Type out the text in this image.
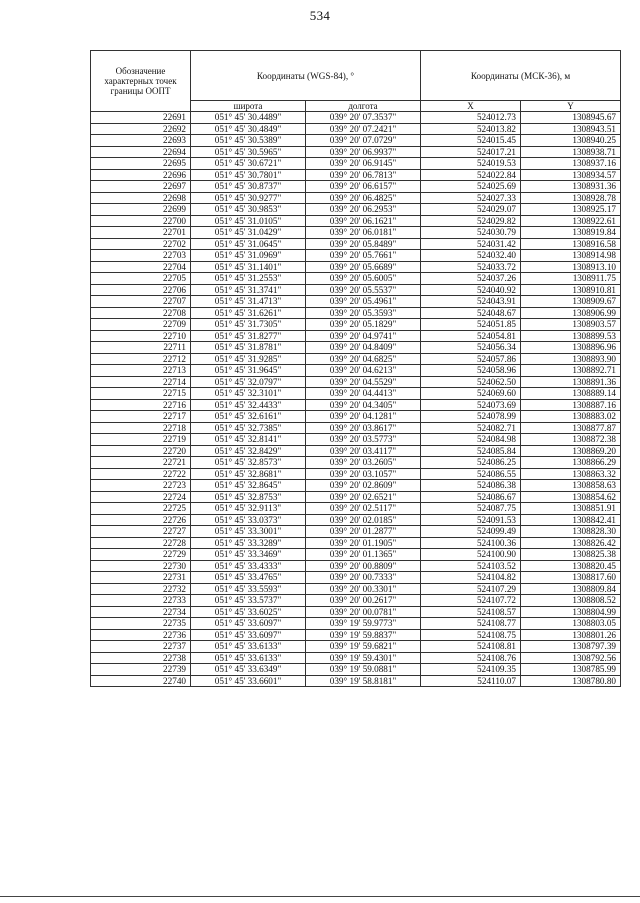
534
Обозначение характерных точек границы ООПТ	Координаты (WGS-84), °		Координаты (МСК-36), м	
	широта	долгота	X	Y
22691	051° 45' 30.4489"	039° 20' 07.3537"	524012.73	1308945.67
22692	051° 45' 30.4849"	039° 20' 07.2421"	524013.82	1308943.51
22693	051° 45' 30.5389"	039° 20' 07.0729"	524015.45	1308940.25
22694	051° 45' 30.5965"	039° 20' 06.9937"	524017.21	1308938.71
22695	051° 45' 30.6721"	039° 20' 06.9145"	524019.53	1308937.16
22696	051° 45' 30.7801"	039° 20' 06.7813"	524022.84	1308934.57
22697	051° 45' 30.8737"	039° 20' 06.6157"	524025.69	1308931.36
22698	051° 45' 30.9277"	039° 20' 06.4825"	524027.33	1308928.78
22699	051° 45' 30.9853"	039° 20' 06.2953"	524029.07	1308925.17
22700	051° 45' 31.0105"	039° 20' 06.1621"	524029.82	1308922.61
22701	051° 45' 31.0429"	039° 20' 06.0181"	524030.79	1308919.84
22702	051° 45' 31.0645"	039° 20' 05.8489"	524031.42	1308916.58
22703	051° 45' 31.0969"	039° 20' 05.7661"	524032.40	1308914.98
22704	051° 45' 31.1401"	039° 20' 05.6689"	524033.72	1308913.10
22705	051° 45' 31.2553"	039° 20' 05.6005"	524037.26	1308911.75
22706	051° 45' 31.3741"	039° 20' 05.5537"	524040.92	1308910.81
22707	051° 45' 31.4713"	039° 20' 05.4961"	524043.91	1308909.67
22708	051° 45' 31.6261"	039° 20' 05.3593"	524048.67	1308906.99
22709	051° 45' 31.7305"	039° 20' 05.1829"	524051.85	1308903.57
22710	051° 45' 31.8277"	039° 20' 04.9741"	524054.81	1308899.53
22711	051° 45' 31.8781"	039° 20' 04.8409"	524056.34	1308896.96
22712	051° 45' 31.9285"	039° 20' 04.6825"	524057.86	1308893.90
22713	051° 45' 31.9645"	039° 20' 04.6213"	524058.96	1308892.71
22714	051° 45' 32.0797"	039° 20' 04.5529"	524062.50	1308891.36
22715	051° 45' 32.3101"	039° 20' 04.4413"	524069.60	1308889.14
22716	051° 45' 32.4433"	039° 20' 04.3405"	524073.69	1308887.16
22717	051° 45' 32.6161"	039° 20' 04.1281"	524078.99	1308883.02
22718	051° 45' 32.7385"	039° 20' 03.8617"	524082.71	1308877.87
22719	051° 45' 32.8141"	039° 20' 03.5773"	524084.98	1308872.38
22720	051° 45' 32.8429"	039° 20' 03.4117"	524085.84	1308869.20
22721	051° 45' 32.8573"	039° 20' 03.2605"	524086.25	1308866.29
22722	051° 45' 32.8681"	039° 20' 03.1057"	524086.55	1308863.32
22723	051° 45' 32.8645"	039° 20' 02.8609"	524086.38	1308858.63
22724	051° 45' 32.8753"	039° 20' 02.6521"	524086.67	1308854.62
22725	051° 45' 32.9113"	039° 20' 02.5117"	524087.75	1308851.91
22726	051° 45' 33.0373"	039° 20' 02.0185"	524091.53	1308842.41
22727	051° 45' 33.3001"	039° 20' 01.2877"	524099.49	1308828.30
22728	051° 45' 33.3289"	039° 20' 01.1905"	524100.36	1308826.42
22729	051° 45' 33.3469"	039° 20' 01.1365"	524100.90	1308825.38
22730	051° 45' 33.4333"	039° 20' 00.8809"	524103.52	1308820.45
22731	051° 45' 33.4765"	039° 20' 00.7333"	524104.82	1308817.60
22732	051° 45' 33.5593"	039° 20' 00.3301"	524107.29	1308809.84
22733	051° 45' 33.5737"	039° 20' 00.2617"	524107.72	1308808.52
22734	051° 45' 33.6025"	039° 20' 00.0781"	524108.57	1308804.99
22735	051° 45' 33.6097"	039° 19' 59.9773"	524108.77	1308803.05
22736	051° 45' 33.6097"	039° 19' 59.8837"	524108.75	1308801.26
22737	051° 45' 33.6133"	039° 19' 59.6821"	524108.81	1308797.39
22738	051° 45' 33.6133"	039° 19' 59.4301"	524108.76	1308792.56
22739	051° 45' 33.6349"	039° 19' 59.0881"	524109.35	1308785.99
22740	051° 45' 33.6601"	039° 19' 58.8181"	524110.07	1308780.80
